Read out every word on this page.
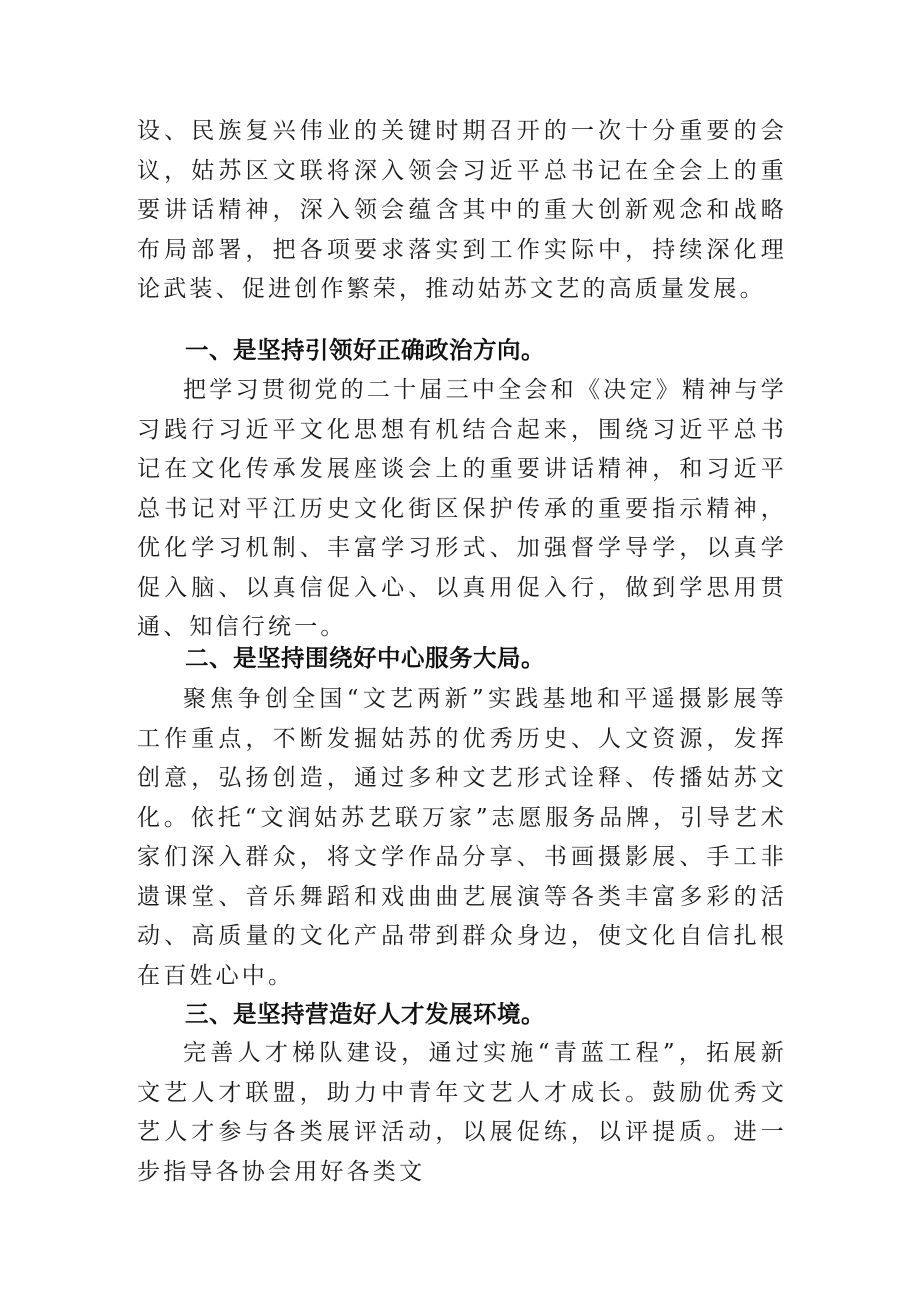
设、民族复兴伟业的关键时期召开的一次十分重要的会议，姑苏区文联将深入领会习近平总书记在全会上的重要讲话精神，深入领会蕴含其中的重大创新观念和战略布局部署，把各项要求落实到工作实际中，持续深化理论武装、促进创作繁荣，推动姑苏文艺的高质量发展。

一、是坚持引领好正确政治方向。

把学习贯彻党的二十届三中全会和《决定》精神与学习践行习近平文化思想有机结合起来，围绕习近平总书记在文化传承发展座谈会上的重要讲话精神，和习近平总书记对平江历史文化街区保护传承的重要指示精神，优化学习机制、丰富学习形式、加强督学导学，以真学促入脑、以真信促入心、以真用促入行，做到学思用贯通、知信行统一。

二、是坚持围绕好中心服务大局。

聚焦争创全国“文艺两新”实践基地和平遥摄影展等工作重点，不断发掘姑苏的优秀历史、人文资源，发挥创意，弘扬创造，通过多种文艺形式诠释、传播姑苏文化。依托“文润姑苏艺联万家”志愿服务品牌，引导艺术家们深入群众，将文学作品分享、书画摄影展、手工非遗课堂、音乐舞蹈和戏曲曲艺展演等各类丰富多彩的活动、高质量的文化产品带到群众身边，使文化自信扎根在百姓心中。

三、是坚持营造好人才发展环境。

完善人才梯队建设，通过实施“青蓝工程”，拓展新文艺人才联盟，助力中青年文艺人才成长。鼓励优秀文艺人才参与各类展评活动，以展促练，以评提质。进一步指导各协会用好各类文
